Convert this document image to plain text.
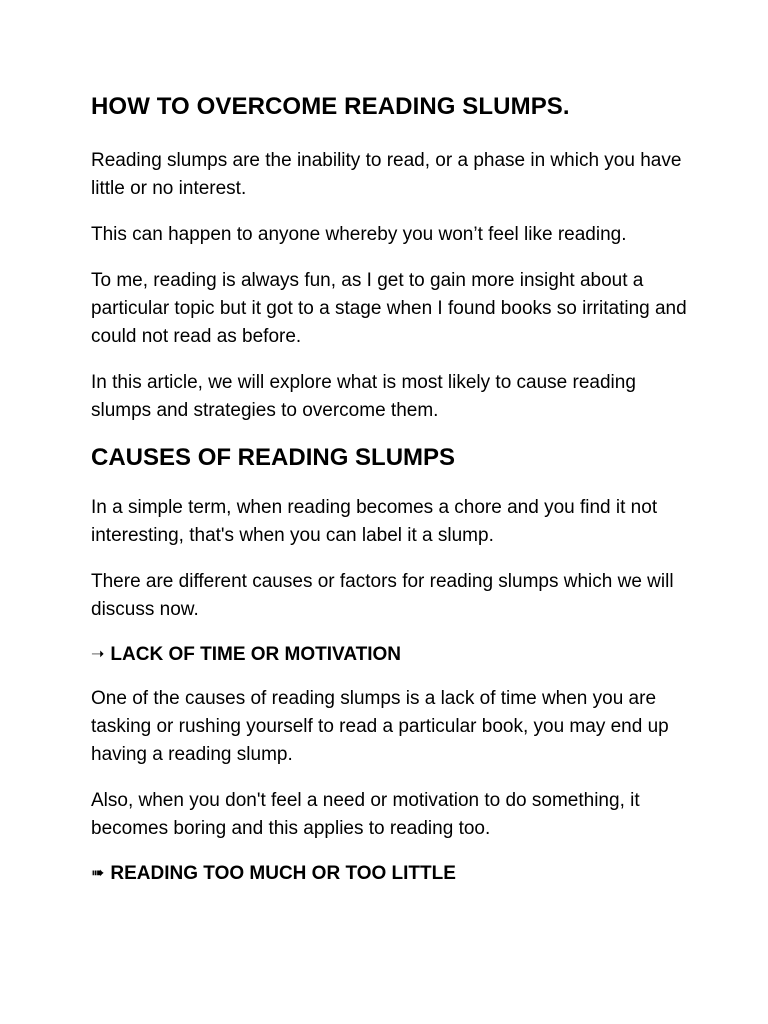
HOW TO OVERCOME READING SLUMPS.

Reading slumps are the inability to read, or a phase in which you have little or no interest.

This can happen to anyone whereby you won’t feel like reading.

To me, reading is always fun, as I get to gain more insight about a particular topic but it got to a stage when I found books so irritating and could not read as before.

In this article, we will explore what is most likely to cause reading slumps and strategies to overcome them.

CAUSES OF READING SLUMPS

In a simple term, when reading becomes a chore and you find it not interesting, that's when you can label it a slump.

There are different causes or factors for reading slumps which we will discuss now.

➝ LACK OF TIME OR MOTIVATION

One of the causes of reading slumps is a lack of time when you are tasking or rushing yourself to read a particular book, you may end up having a reading slump.

Also, when you don't feel a need or motivation to do something, it becomes boring and this applies to reading too.

➠ READING TOO MUCH OR TOO LITTLE
